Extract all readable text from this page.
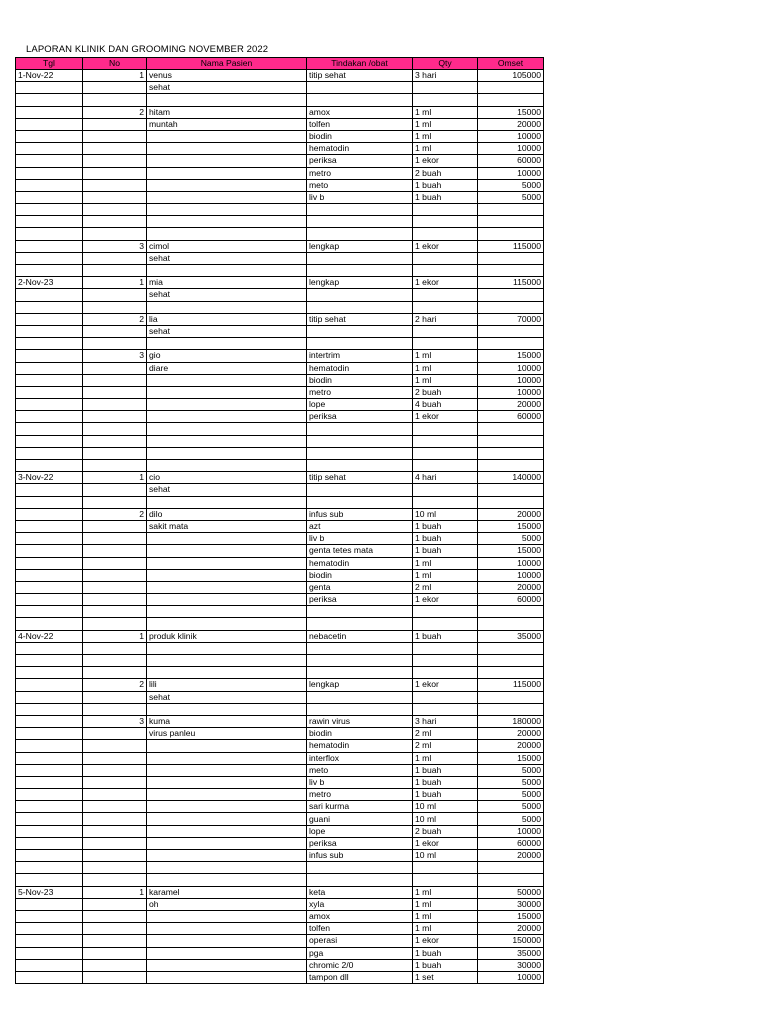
LAPORAN KLINIK DAN GROOMING NOVEMBER 2022
Tgl	No	Nama Pasien	Tindakan /obat	Qty	Omset
1-Nov-22	1	venus	titip sehat	3 hari	105000
		sehat			

	2	hitam	amox	1 ml	15000
		muntah	tolfen	1 ml	20000
			biodin	1 ml	10000
			hematodin	1 ml	10000
			periksa	1 ekor	60000
			metro	2 buah	10000
			meto	1 buah	5000
			liv b	1 buah	5000

	3	cimol	lengkap	1 ekor	115000
		sehat			

2-Nov-23	1	mia	lengkap	1 ekor	115000
		sehat			

	2	lia	titip sehat	2 hari	70000
		sehat			

	3	gio	intertrim	1 ml	15000
		diare	hematodin	1 ml	10000
			biodin	1 ml	10000
			metro	2 buah	10000
			lope	4 buah	20000
			periksa	1 ekor	60000

3-Nov-22	1	cio	titip sehat	4 hari	140000
		sehat			

	2	dilo	infus sub	10 ml	20000
		sakit mata	azt	1 buah	15000
			liv b	1 buah	5000
			genta tetes mata	1 buah	15000
			hematodin	1 ml	10000
			biodin	1 ml	10000
			genta	2 ml	20000
			periksa	1 ekor	60000

4-Nov-22	1	produk klinik	nebacetin	1 buah	35000

	2	lili	lengkap	1 ekor	115000
		sehat			

	3	kuma	rawin virus	3 hari	180000
		virus panleu	biodin	2 ml	20000
			hematodin	2 ml	20000
			interflox	1 ml	15000
			meto	1 buah	5000
			liv b	1 buah	5000
			metro	1 buah	5000
			sari kurma	10 ml	5000
			guani	10 ml	5000
			lope	2 buah	10000
			periksa	1 ekor	60000
			infus sub	10 ml	20000

5-Nov-23	1	karamel	keta	1 ml	50000
		oh	xyla	1 ml	30000
			amox	1 ml	15000
			tolfen	1 ml	20000
			operasi	1 ekor	150000
			pga	1 buah	35000
			chromic 2/0	1 buah	30000
			tampon dll	1 set	10000
